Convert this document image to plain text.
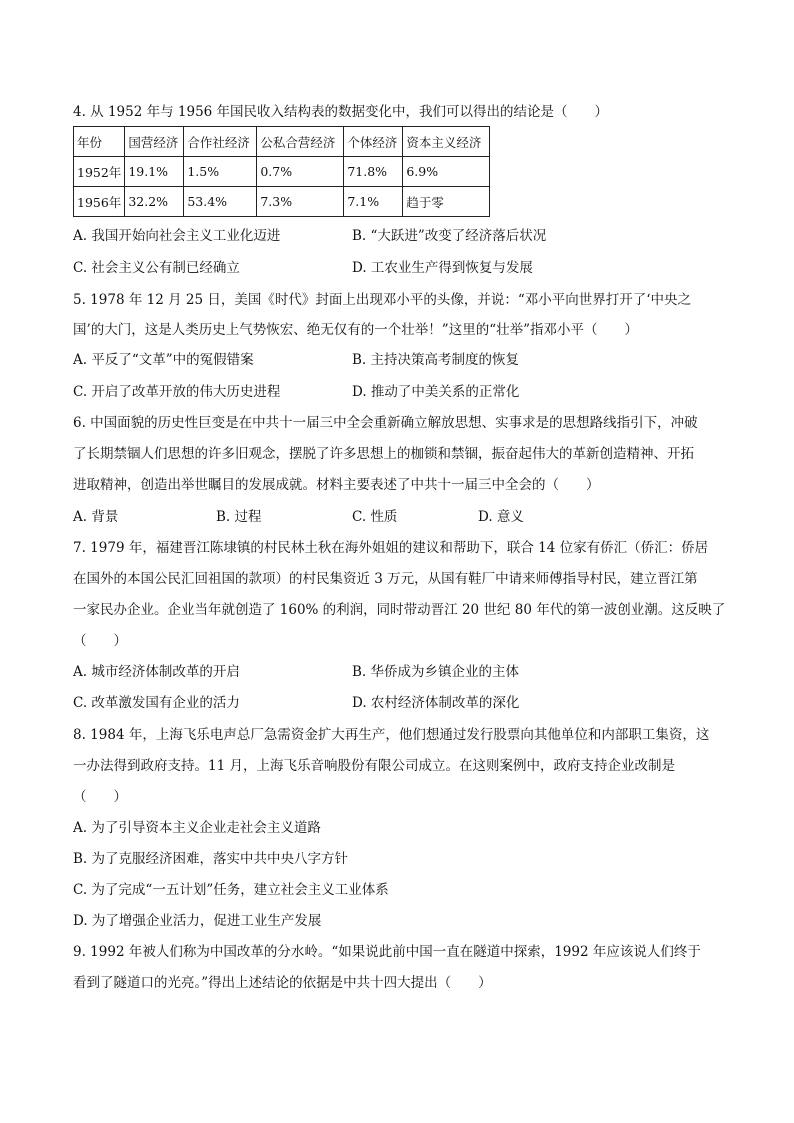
4. 从 1952 年与 1956 年国民收入结构表的数据变化中，我们可以得出的结论是（　　）
年份	国营经济	合作社经济	公私合营经济	个体经济	资本主义经济
1952年	19.1%	1.5%	0.7%	71.8%	6.9%
1956年	32.2%	53.4%	7.3%	7.1%	趋于零
A. 我国开始向社会主义工业化迈进	B. “大跃进”改变了经济落后状况
C. 社会主义公有制已经确立	D. 工农业生产得到恢复与发展
5. 1978 年 12 月 25 日，美国《时代》封面上出现邓小平的头像，并说：“邓小平向世界打开了‘中央之
国’的大门，这是人类历史上气势恢宏、绝无仅有的一个壮举！”这里的“壮举”指邓小平（　　）
A. 平反了“文革”中的冤假错案	B. 主持决策高考制度的恢复
C. 开启了改革开放的伟大历史进程	D. 推动了中美关系的正常化
6. 中国面貌的历史性巨变是在中共十一届三中全会重新确立解放思想、实事求是的思想路线指引下，冲破
了长期禁锢人们思想的许多旧观念，摆脱了许多思想上的枷锁和禁锢，振奋起伟大的革新创造精神、开拓
进取精神，创造出举世瞩目的发展成就。材料主要表述了中共十一届三中全会的（　　）
A. 背景	B. 过程	C. 性质	D. 意义
7. 1979 年，福建晋江陈埭镇的村民林土秋在海外姐姐的建议和帮助下，联合 14 位家有侨汇（侨汇：侨居
在国外的本国公民汇回祖国的款项）的村民集资近 3 万元，从国有鞋厂中请来师傅指导村民，建立晋江第
一家民办企业。企业当年就创造了 160% 的利润，同时带动晋江 20 世纪 80 年代的第一波创业潮。这反映了
（　　）
A. 城市经济体制改革的开启	B. 华侨成为乡镇企业的主体
C. 改革激发国有企业的活力	D. 农村经济体制改革的深化
8. 1984 年，上海飞乐电声总厂急需资金扩大再生产，他们想通过发行股票向其他单位和内部职工集资，这
一办法得到政府支持。11 月，上海飞乐音响股份有限公司成立。在这则案例中，政府支持企业改制是
（　　）
A. 为了引导资本主义企业走社会主义道路
B. 为了克服经济困难，落实中共中央八字方针
C. 为了完成“一五计划”任务，建立社会主义工业体系
D. 为了增强企业活力，促进工业生产发展
9. 1992 年被人们称为中国改革的分水岭。“如果说此前中国一直在隧道中探索，1992 年应该说人们终于
看到了隧道口的光亮。”得出上述结论的依据是中共十四大提出（　　）
